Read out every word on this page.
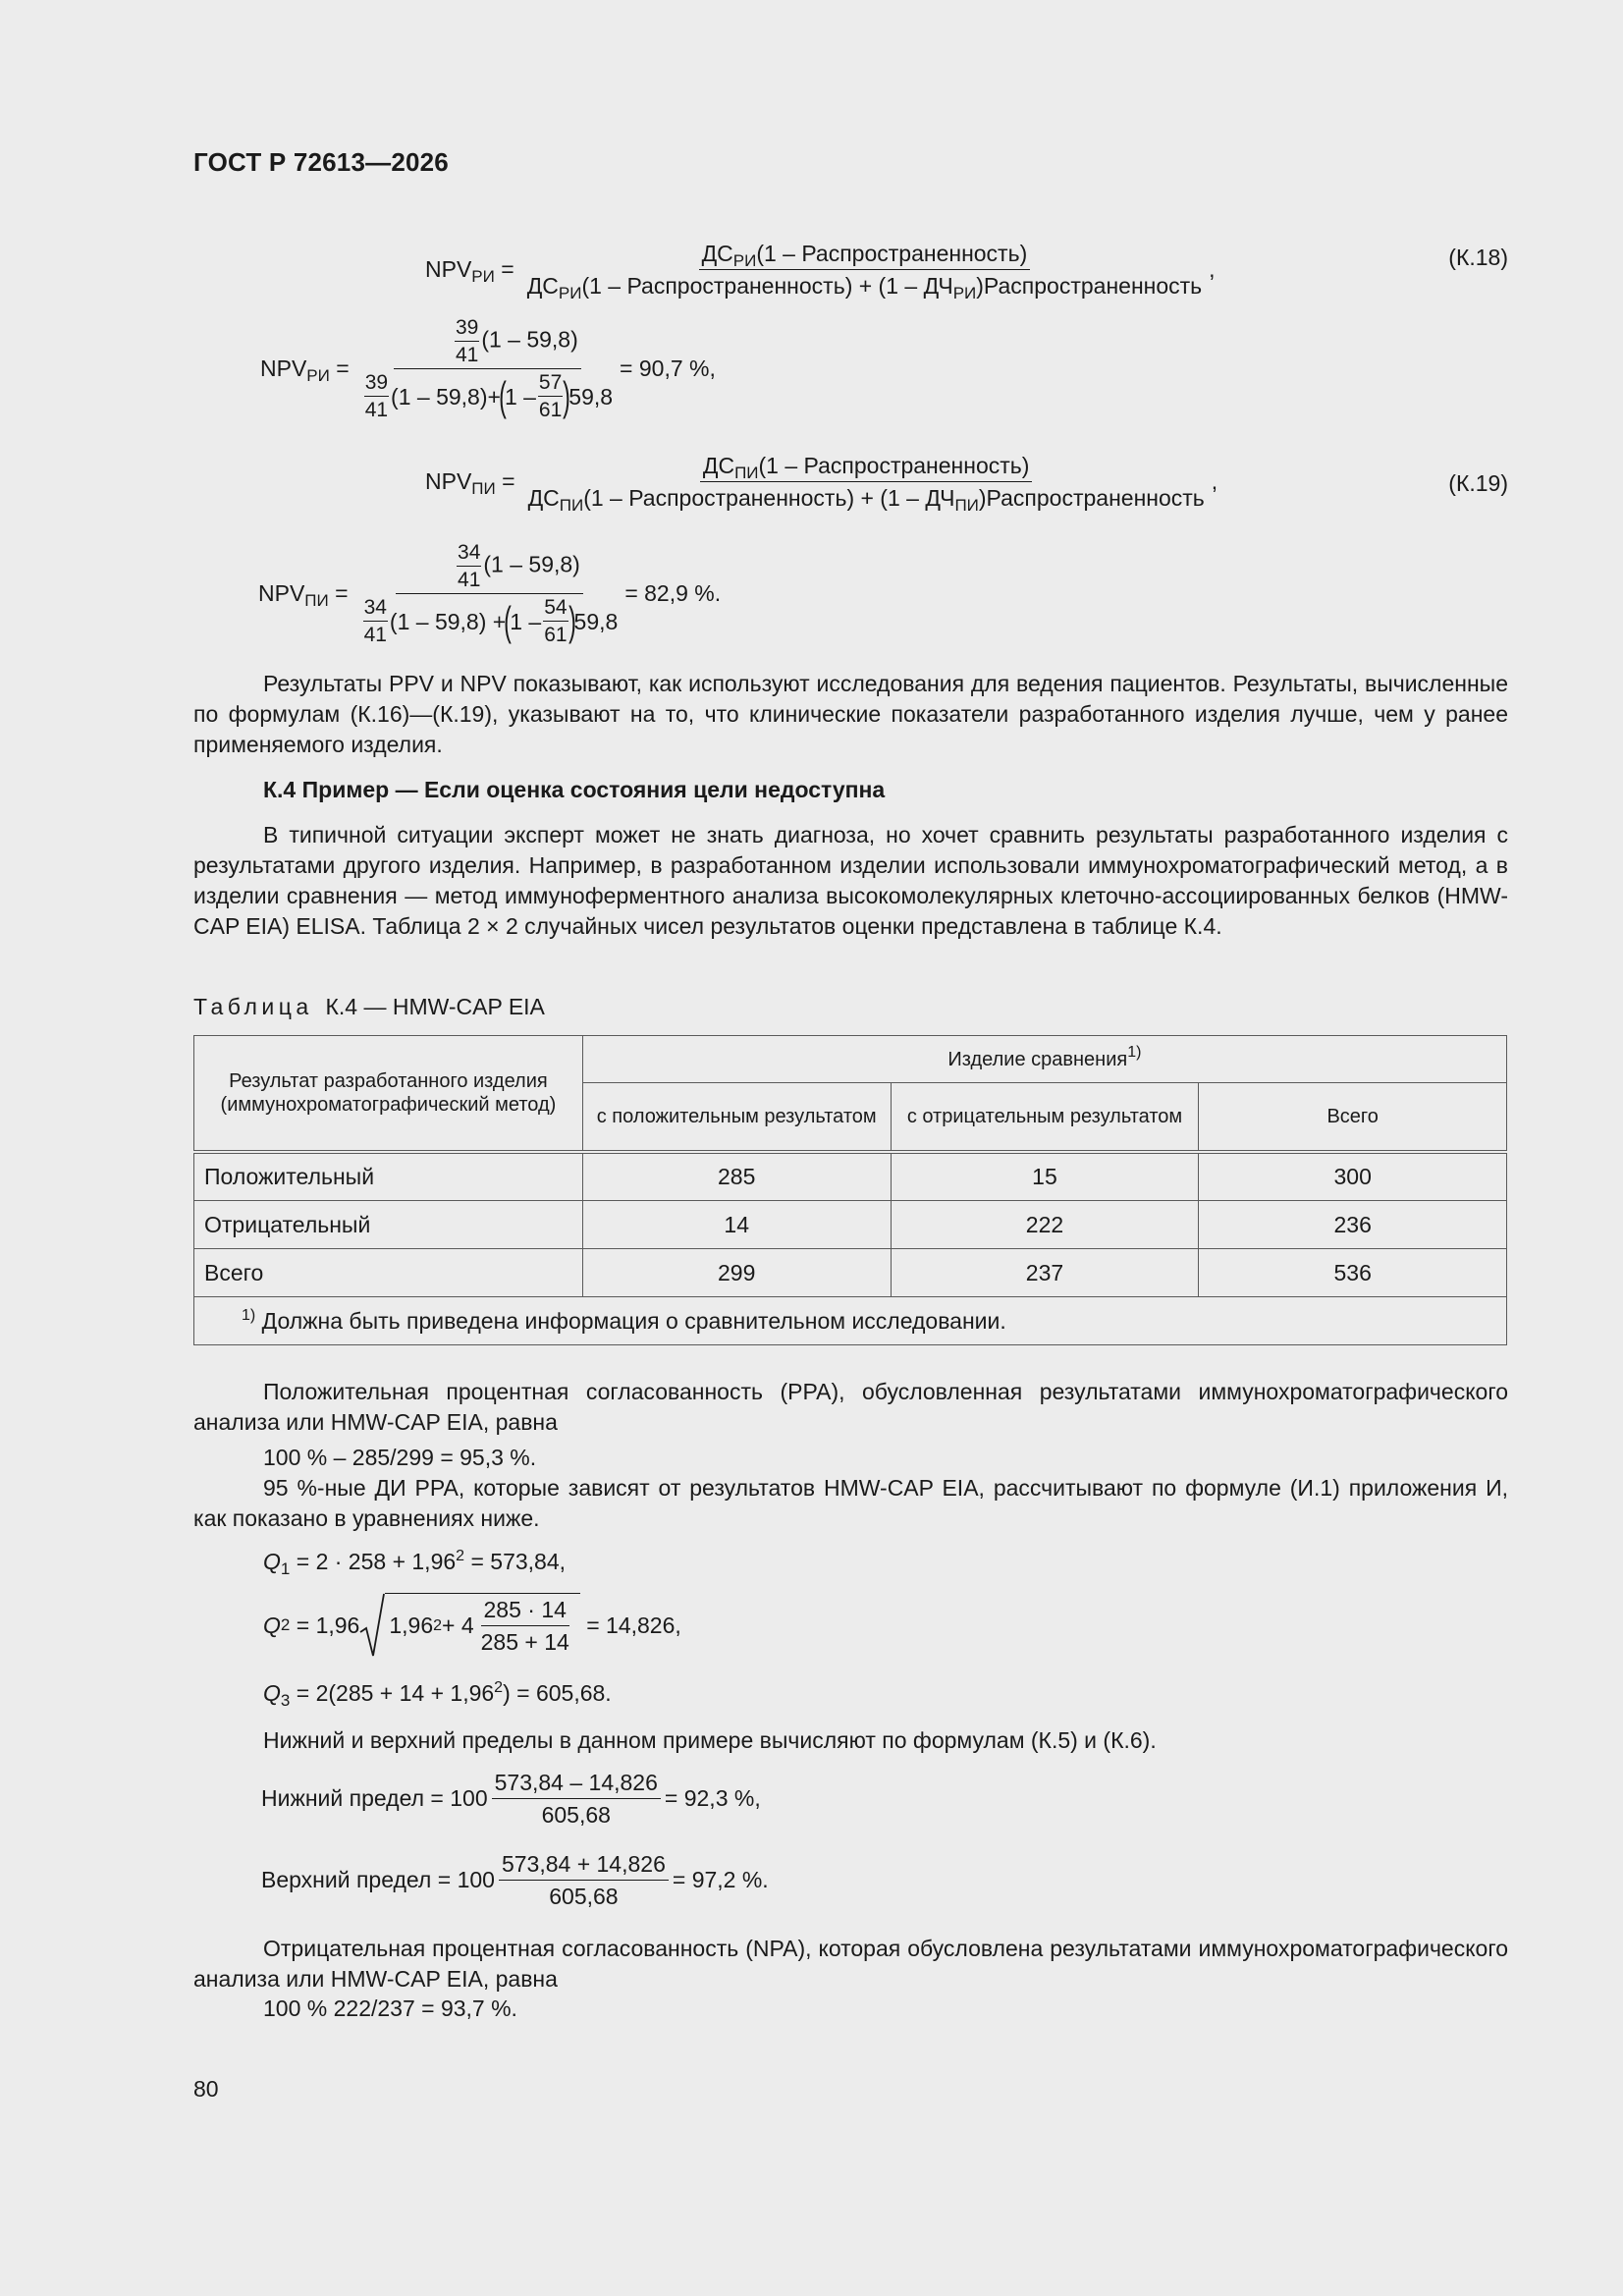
ГОСТ Р 72613—2026
$NPV_{РИ} = \frac{ДС_{РИ}(1 - Распространенность)}{ДС_{РИ}(1 - Распространенность) + (1 - ДЧ_{РИ})Распространенность}$ ,	(К.18)
$NPV_{РИ} = \frac{39}{41} (1 - 59,8)$
$\frac{39}{41} (1 - 59,8)+$
(
$1 - \frac{57}{61}$ )
59,8 = 90,7 %,
$NPV_{ПИ} = \frac{ДС_{ПИ}(1 - Распространенность)}{ДС_{ПИ}(1 - Распространенность) + (1 - ДЧ_{ПИ})Распространенность}$ ,	(К.19)
$NPV_{ПИ} = \frac{34}{41} (1 - 59,8)$
$\frac{34}{41} (1 - 59,8)$ +
(
$1 - \frac{54}{61}$ )
59,8 = 82,9 %.
Результаты PPV и NPV показывают, как используют исследования для ведения пациентов. Результаты, вычисленные по формулам (К.16)—(К.19), указывают на то, что клинические показатели разработанного изделия лучше, чем у ранее применяемого изделия.
К.4 Пример — Если оценка состояния цели недоступна
В типичной ситуации эксперт может не знать диагноза, но хочет сравнить результаты разработанного изделия с результатами другого изделия. Например, в разработанном изделии использовали иммунохроматографический метод, а в изделии сравнения — метод иммуноферментного анализа высокомолекулярных клеточно-ассоциированных белков (HMW-CAP EIA) ELISA. Таблица 2 × 2 случайных чисел результатов оценки представлена в таблице К.4.
Таблица К.4 — HMW-CAP EIA
Результат разработанного изделия (иммунохроматографический метод)	Изделие сравнения$^{1)}$
	с положительным результатом	с отрицательным результатом	Всего
Положительный	285	15	300
Отрицательный	14	222	236
Всего	299	237	536
$^{1)}$ Должна быть приведена информация о сравнительном исследовании.			
Положительная процентная согласованность (PPA), обусловленная результатами иммунохроматографического анализа или HMW-CAP EIA, равна
100 % – 285/299 = 95,3 %.
95 %-ные ДИ PPA, которые зависят от результатов HMW-CAP EIA, рассчитывают по формуле (И.1) приложения И, как показано в уравнениях ниже.
$Q_1 = 2 \cdot 258 + 1,96^2 = 573,84$,
Q 2
= 1,96 1,96 $2 + 4 \frac{285 \cdot 14}{285 + 14}$
= 14,826,
$Q_3 = 2(285 + 14 + 1,96^2) = 605,68$.
Нижний и верхний пределы в данном примере вычисляют по формулам (К.5) и (К.6).
Нижний предел
= $100 \frac{573,84 - 14,826}{605,68} = 92,3$ %,
Верхний предел
= $100 \frac{573,84 + 14,826}{605,68} = 97,2$ %.
Отрицательная процентная согласованность (NPA), которая обусловлена результатами иммунохроматографического анализа или HMW-CAP EIA, равна
100 % 222/237 = 93,7 %.
80
